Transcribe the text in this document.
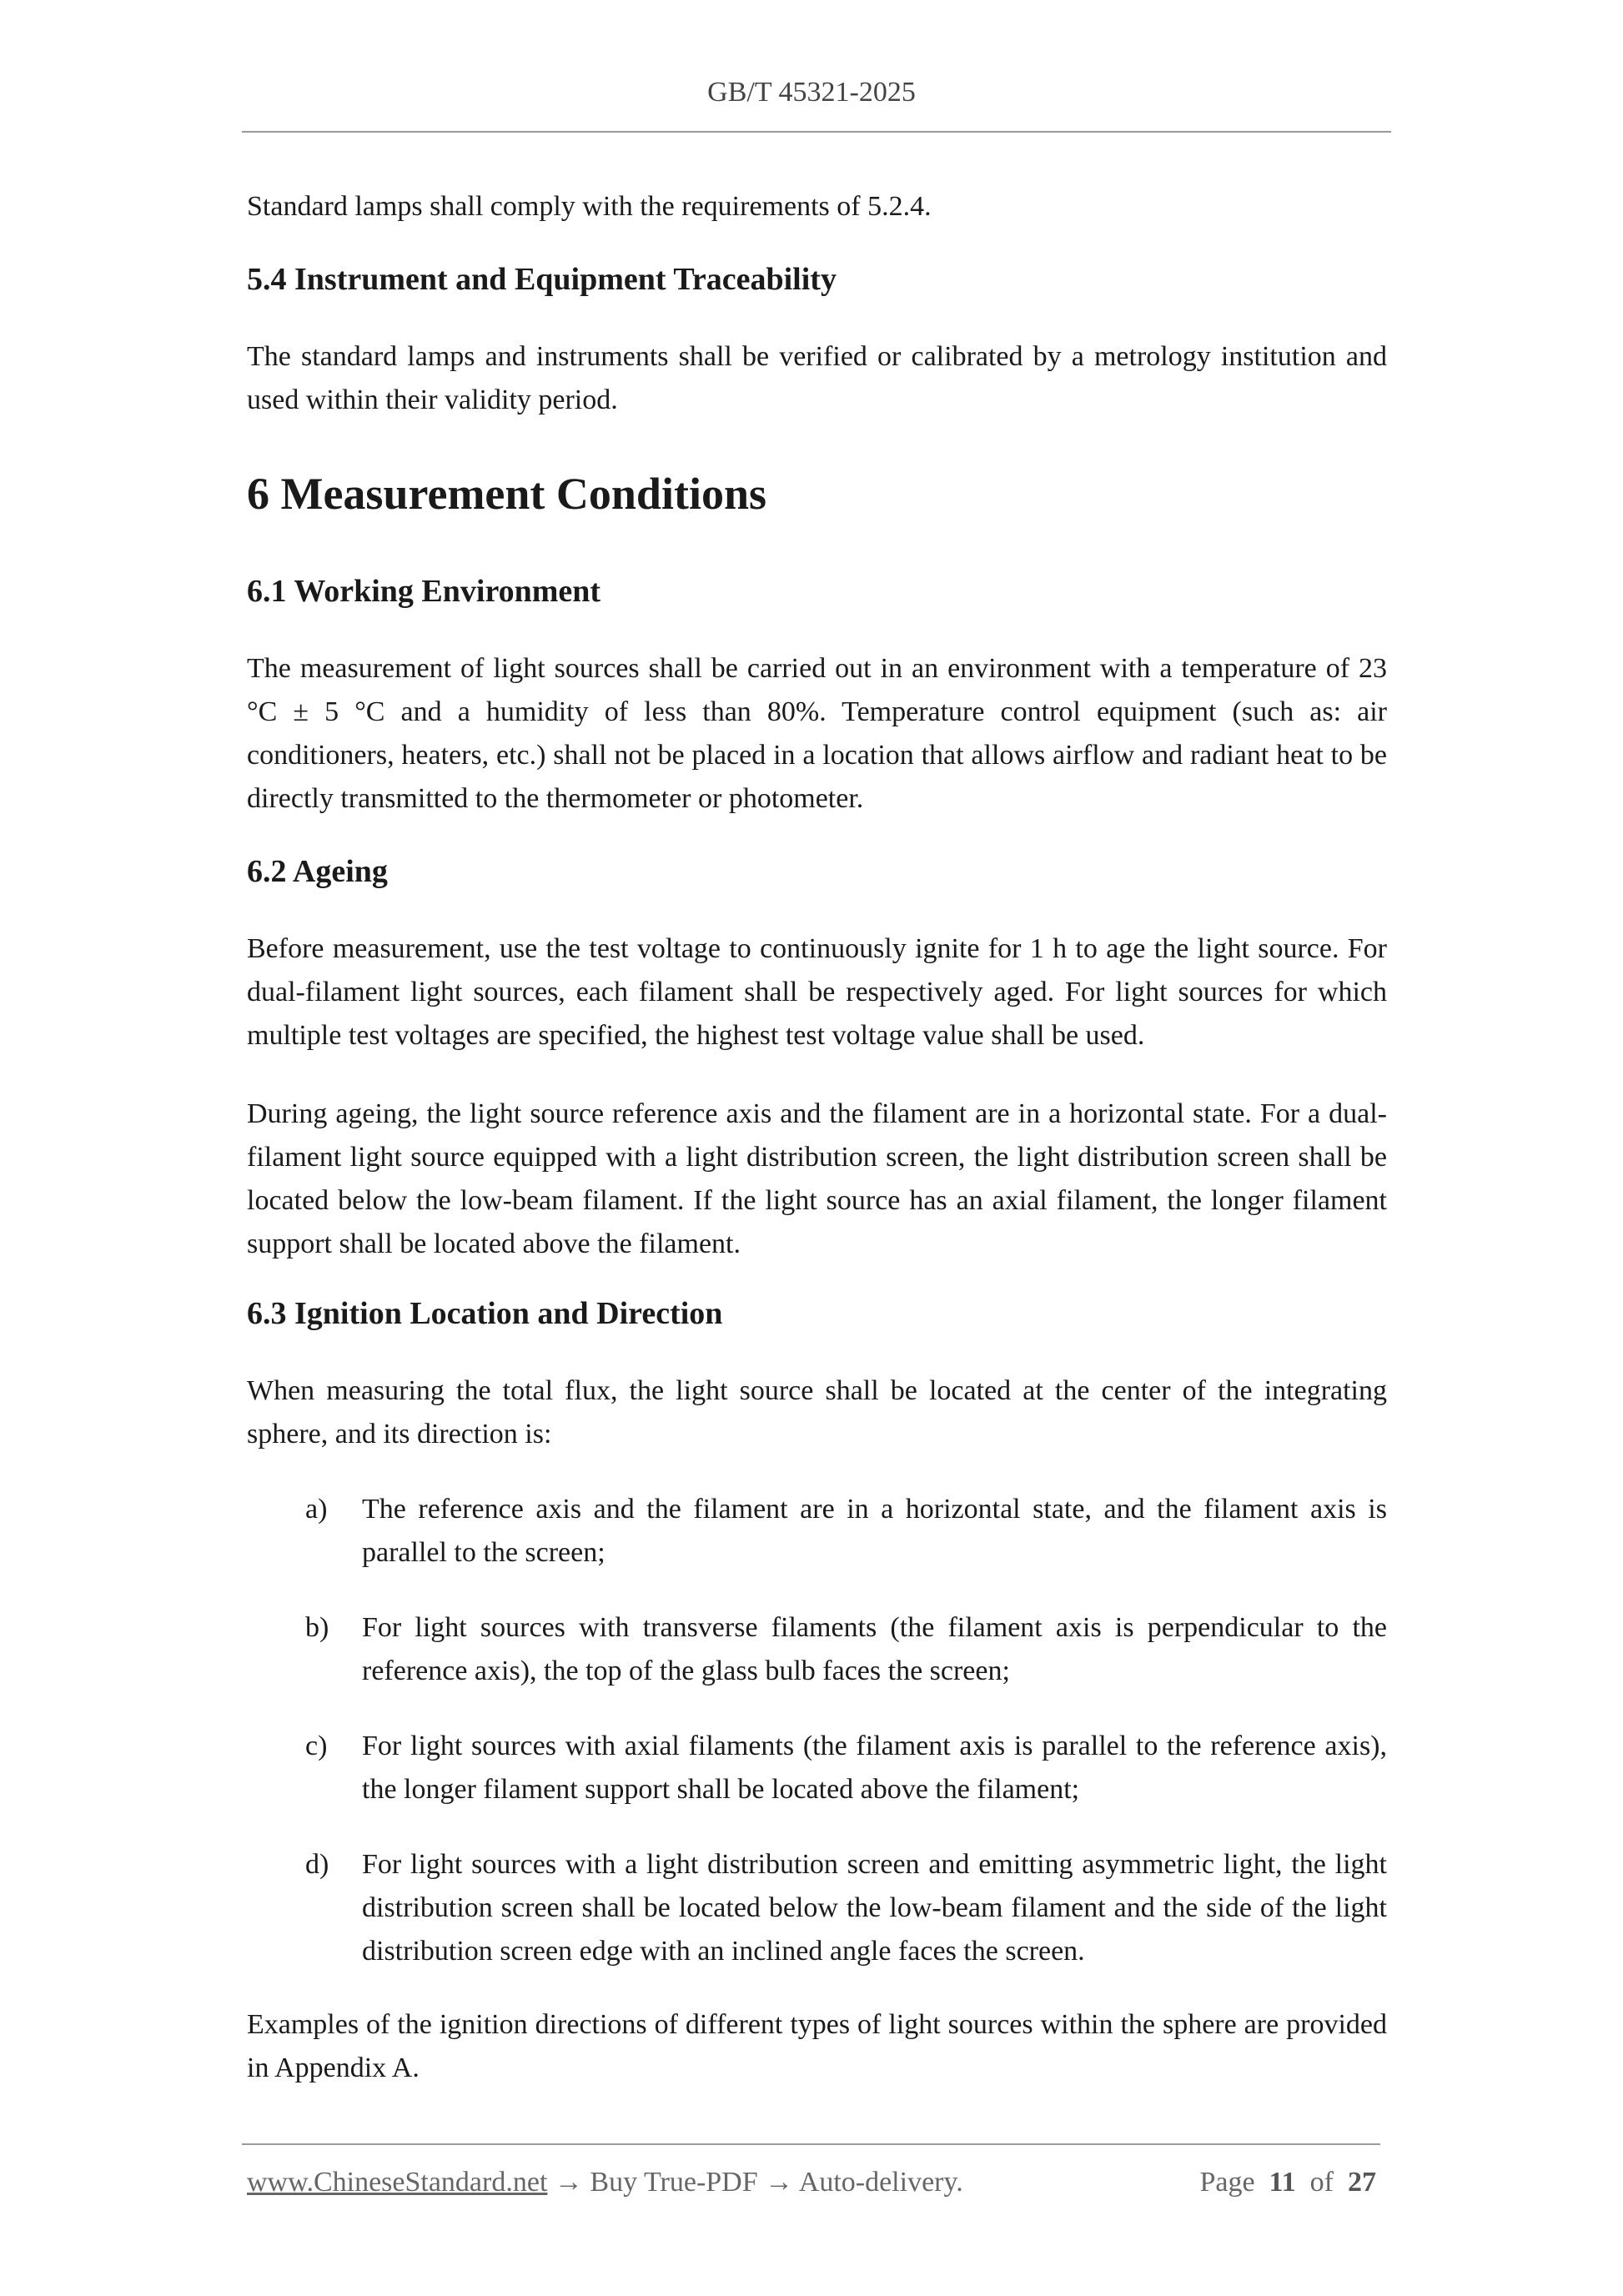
GB/T 45321-2025

Standard lamps shall comply with the requirements of 5.2.4.

5.4 Instrument and Equipment Traceability

The standard lamps and instruments shall be verified or calibrated by a metrology institution and used within their validity period.

6 Measurement Conditions
6.1 Working Environment

The measurement of light sources shall be carried out in an environment with a temperature of 23 °C ± 5 °C and a humidity of less than 80%. Temperature control equipment (such as: air conditioners, heaters, etc.) shall not be placed in a location that allows airflow and radiant heat to be directly transmitted to the thermometer or photometer.

6.2 Ageing

Before measurement, use the test voltage to continuously ignite for 1 h to age the light source. For dual-filament light sources, each filament shall be respectively aged. For light sources for which multiple test voltages are specified, the highest test voltage value shall be used.

During ageing, the light source reference axis and the filament are in a horizontal state. For a dual-filament light source equipped with a light distribution screen, the light distribution screen shall be located below the low-beam filament. If the light source has an axial filament, the longer filament support shall be located above the filament.

6.3 Ignition Location and Direction

When measuring the total flux, the light source shall be located at the center of the integrating sphere, and its direction is:

a) The reference axis and the filament are in a horizontal state, and the filament axis is parallel to the screen;

b) For light sources with transverse filaments (the filament axis is perpendicular to the reference axis), the top of the glass bulb faces the screen;

c) For light sources with axial filaments (the filament axis is parallel to the reference axis), the longer filament support shall be located above the filament;

d) For light sources with a light distribution screen and emitting asymmetric light, the light distribution screen shall be located below the low-beam filament and the side of the light distribution screen edge with an inclined angle faces the screen.

Examples of the ignition directions of different types of light sources within the sphere are provided in Appendix A.

www.ChineseStandard.net → Buy True-PDF → Auto-delivery.	Page 11 of 27
